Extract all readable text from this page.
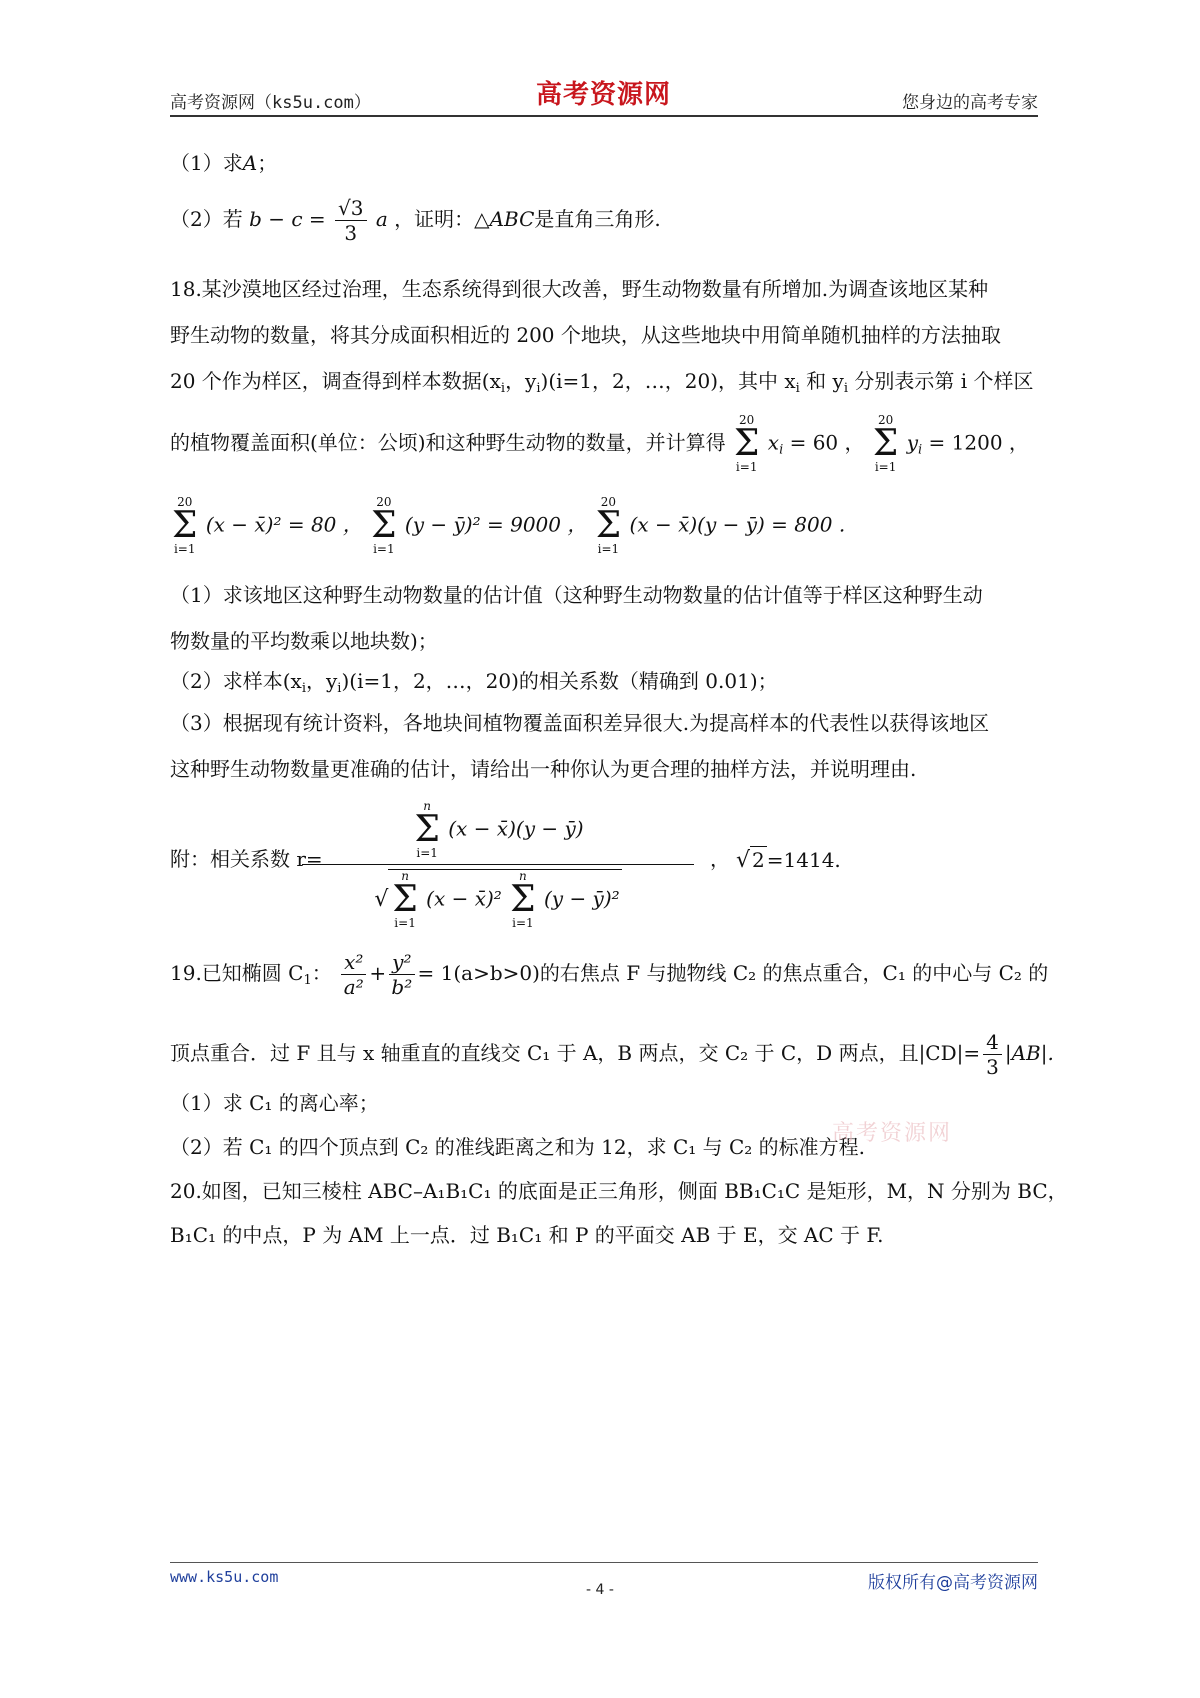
高考资源网（ks5u.com）	高考资源网	您身边的高考专家
（1）求A；
（2）若 $b - c = \frac{√3}{3}$ a ，证明：△ABC是直角三角形.
18.某沙漠地区经过治理，生态系统得到很大改善，野生动物数量有所增加.为调查该地区某种
野生动物的数量，将其分成面积相近的 200 个地块，从这些地块中用简单随机抽样的方法抽取
20 个作为样区，调查得到样本数据($x_i$，$y_i)(i=1$，2，…，20)，其中 $x_i$ 和 $y_i$ 分别表示第 i 个样区
的植物覆盖面积(单位：公顷)和这种野生动物的数量，并计算得
20
Σ
i=1
$x_i = 60$ ，
20
Σ
i=1
$y_i = 1200$ ，
20
Σ
i=1
(x − x̄)² = 80 ，
20
Σ
i=1
(y − ȳ)² = 9000 ，
20
Σ
i=1
(x − x̄)(y − ȳ) = 800 .
（1）求该地区这种野生动物数量的估计值（这种野生动物数量的估计值等于样区这种野生动
物数量的平均数乘以地块数)；
（2）求样本($x_i$，$y_i)(i=1$，2，…，20)的相关系数（精确到 0.01)；
（3）根据现有统计资料，各地块间植物覆盖面积差异很大.为提高样本的代表性以获得该地区
这种野生动物数量更准确的估计，请给出一种你认为更合理的抽样方法，并说明理由.
附：相关系数 r=
n
Σ
i=1
(x − x̄)(y − ȳ)
√
n
Σ
i=1
(x − x̄)²
n
Σ
i=1
(y − ȳ)²
， √ 2 =1414.
19.已知椭圆 $C_1$： $\frac{\text{x²}}{\text{a²}} + \frac{\text{y²}}{\text{b²}} = 1(a>b>0)$的右焦点 F 与抛物线 C₂ 的焦点重合，C₁ 的中心与 C₂ 的
顶点重合．过 F 且与 x 轴重直的直线交 C₁ 于 A，B 两点，交 C₂ 于 C，D 两点，且$|CD|= \frac{4}{3} |AB|$.
（1）求 C₁ 的离心率；
（2）若 C₁ 的四个顶点到 C₂ 的准线距离之和为 12，求 C₁ 与 C₂ 的标准方程.
20.如图，已知三棱柱 ABC–A₁B₁C₁ 的底面是正三角形，侧面 BB₁C₁C 是矩形，M，N 分别为 BC，
B₁C₁ 的中点，P 为 AM 上一点．过 B₁C₁ 和 P 的平面交 AB 于 E，交 AC 于 F.
高考资源网
www.ks5u.com	版权所有@高考资源网
- 4 -
